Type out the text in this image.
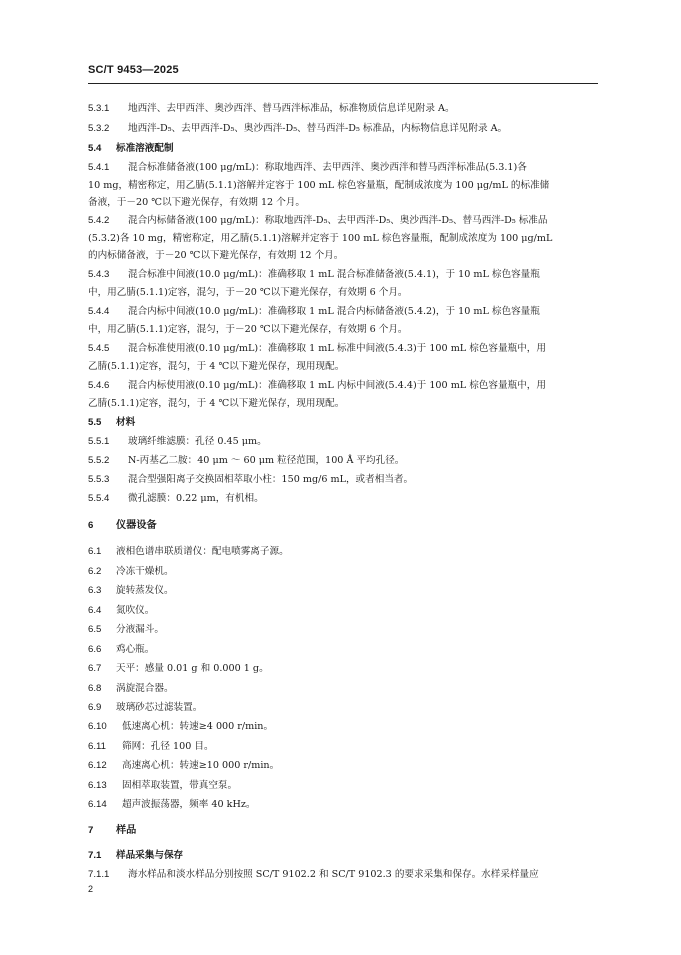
SC/T 9453—2025
5.3.1 地西泮、去甲西泮、奥沙西泮、替马西泮标准品，标准物质信息详见附录 A。
5.3.2 地西泮-D₅、去甲西泮-D₅、奥沙西泮-D₅、替马西泮-D₅ 标准品，内标物信息详见附录 A。
5.4 标准溶液配制
5.4.1 混合标准储备液(100 μg/mL)：称取地西泮、去甲西泮、奥沙西泮和替马西泮标准品(5.3.1)各
10 mg，精密称定，用乙腈(5.1.1)溶解并定容于 100 mL 棕色容量瓶，配制成浓度为 100 μg/mL 的标准储
备液，于－20 ℃以下避光保存，有效期 12 个月。
5.4.2 混合内标储备液(100 μg/mL)：称取地西泮-D₅、去甲西泮-D₅、奥沙西泮-D₅、替马西泮-D₅ 标准品
(5.3.2)各 10 mg，精密称定，用乙腈(5.1.1)溶解并定容于 100 mL 棕色容量瓶，配制成浓度为 100 μg/mL
的内标储备液，于－20 ℃以下避光保存，有效期 12 个月。
5.4.3 混合标准中间液(10.0 μg/mL)：准确移取 1 mL 混合标准储备液(5.4.1)，于 10 mL 棕色容量瓶
中，用乙腈(5.1.1)定容，混匀，于－20 ℃以下避光保存，有效期 6 个月。
5.4.4 混合内标中间液(10.0 μg/mL)：准确移取 1 mL 混合内标储备液(5.4.2)，于 10 mL 棕色容量瓶
中，用乙腈(5.1.1)定容，混匀，于－20 ℃以下避光保存，有效期 6 个月。
5.4.5 混合标准使用液(0.10 μg/mL)：准确移取 1 mL 标准中间液(5.4.3)于 100 mL 棕色容量瓶中，用
乙腈(5.1.1)定容，混匀，于 4 ℃以下避光保存，现用现配。
5.4.6 混合内标使用液(0.10 μg/mL)：准确移取 1 mL 内标中间液(5.4.4)于 100 mL 棕色容量瓶中，用
乙腈(5.1.1)定容，混匀，于 4 ℃以下避光保存，现用现配。
5.5 材料
5.5.1 玻璃纤维滤膜：孔径 0.45 μm。
5.5.2 N-丙基乙二胺：40 μm ～ 60 μm 粒径范围，100 Å 平均孔径。
5.5.3 混合型强阳离子交换固相萃取小柱：150 mg/6 mL，或者相当者。
5.5.4 微孔滤膜：0.22 μm，有机相。
6 仪器设备
6.1 液相色谱串联质谱仪：配电喷雾离子源。
6.2 冷冻干燥机。
6.3 旋转蒸发仪。
6.4 氮吹仪。
6.5 分液漏斗。
6.6 鸡心瓶。
6.7 天平：感量 0.01 g 和 0.000 1 g。
6.8 涡旋混合器。
6.9 玻璃砂芯过滤装置。
6.10 低速离心机：转速≥4 000 r/min。
6.11 筛网：孔径 100 目。
6.12 高速离心机：转速≥10 000 r/min。
6.13 固相萃取装置，带真空泵。
6.14 超声波振荡器，频率 40 kHz。
7 样品
7.1 样品采集与保存
7.1.1 海水样品和淡水样品分别按照 SC/T 9102.2 和 SC/T 9102.3 的要求采集和保存。水样采样量应
2
